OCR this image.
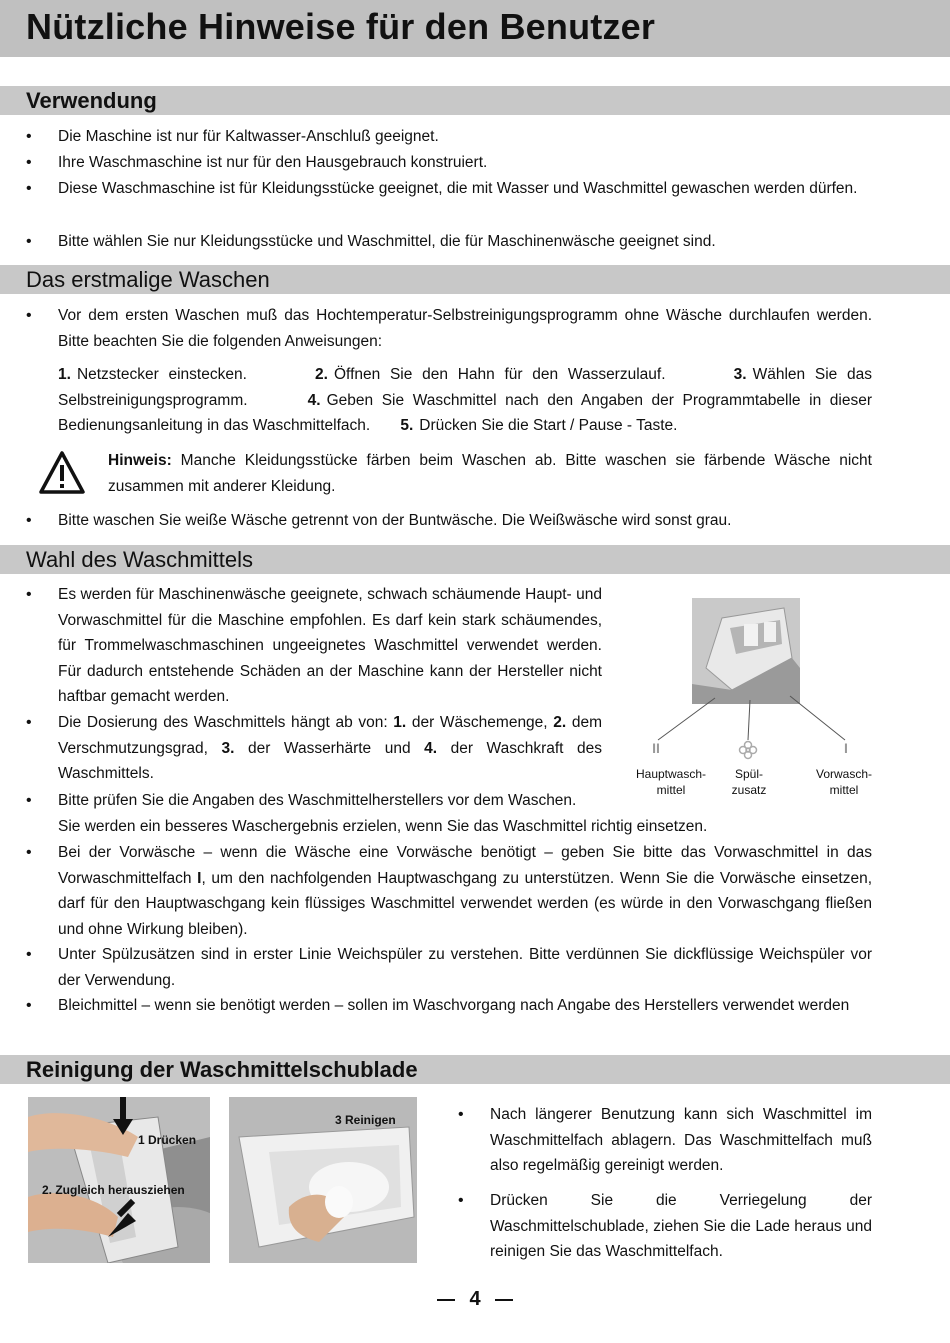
Nützliche Hinweise für den Benutzer
Verwendung
•
Die Maschine ist nur für Kaltwasser-Anschluß geeignet.
•
Ihre Waschmaschine ist nur für den Hausgebrauch konstruiert.
•
Diese Waschmaschine ist für Kleidungsstücke geeignet, die mit Wasser und Waschmittel gewaschen werden dürfen.
•
Bitte wählen Sie nur Kleidungsstücke und Waschmittel, die für Maschinenwäsche geeignet sind.
Das erstmalige Waschen
•
Vor dem ersten Waschen muß das Hochtemperatur-Selbstreinigungsprogramm ohne Wäsche durchlaufen werden. Bitte beachten Sie die folgenden Anweisungen:
1. Netzstecker einstecken.	2. Öffnen Sie den Hahn für den Wasserzulauf.	3. Wählen Sie das Selbstreinigungsprogramm.	4. Geben Sie Waschmittel nach den Angaben der Programmtabelle in dieser Bedienungsanleitung in das Waschmittelfach. 5. Drücken Sie die Start / Pause - Taste.
Hinweis: Manche Kleidungsstücke färben beim Waschen ab. Bitte waschen sie färbende Wäsche nicht zusammen mit anderer Kleidung.
•
Bitte waschen Sie weiße Wäsche getrennt von der Buntwäsche. Die Weißwäsche wird sonst grau.
Wahl des Waschmittels
•
Es werden für Maschinenwäsche geeignete, schwach schäumende Haupt- und Vorwaschmittel für die Maschine empfohlen. Es darf kein stark schäumendes, für Trommelwaschmaschinen ungeeignetes Waschmittel verwendet werden. Für dadurch entstehende Schäden an der Maschine kann der Hersteller nicht haftbar gemacht werden.
•
Die Dosierung des Waschmittels hängt ab von: 1. der Wäschemenge, 2. dem Verschmutzungsgrad, 3. der Wasserhärte und 4. der Waschkraft des Waschmittels.
•
Bitte prüfen Sie die Angaben des Waschmittelherstellers vor dem Waschen.
Sie werden ein besseres Waschergebnis erzielen, wenn Sie das Waschmittel richtig einsetzen.
•
Bei der Vorwäsche – wenn die Wäsche eine Vorwäsche benötigt – geben Sie bitte das Vorwaschmittel in das Vorwaschmittelfach I, um den nachfolgenden Hauptwaschgang zu unterstützen. Wenn Sie die Vorwäsche einsetzen, darf für den Hauptwaschgang kein flüssiges Waschmittel verwendet werden (es würde in den Vorwaschgang fließen und ohne Wirkung bleiben).
•
Unter Spülzusätzen sind in erster Linie Weichspüler zu verstehen. Bitte verdünnen Sie dickflüssige Weichspüler vor der Verwendung.
•
Bleichmittel – wenn sie benötigt werden – sollen im Waschvorgang nach Angabe des Herstellers verwendet werden
II	I
Hauptwasch-mittel
Spül-zusatz
Vorwasch-mittel
Reinigung der Waschmittelschublade
1 Drücken
2. Zugleich herausziehen
3 Reinigen
•	Nach längerer Benutzung kann sich Waschmittel im Waschmittelfach ablagern. Das Waschmittelfach muß also regelmäßig gereinigt werden.
•
Drücken Sie die Verriegelung der Waschmittelschublade, ziehen Sie die Lade heraus und reinigen Sie das Waschmittelfach.
4
